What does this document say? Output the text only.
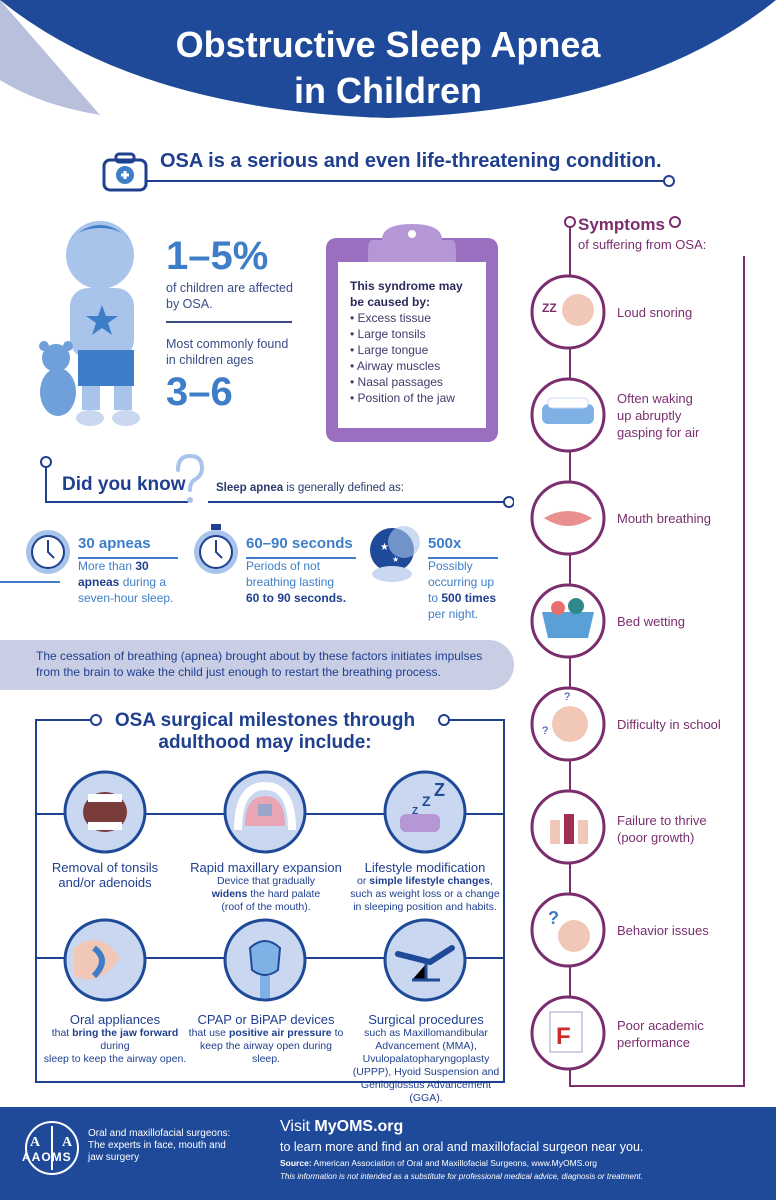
Obstructive Sleep Apnea
in Children
OSA is a serious and even life-threatening condition.
1–5%
of children are affected
by OSA.
Most commonly found
in children ages
3–6
This syndrome may
be caused by:
• Excess tissue
• Large tonsils
• Large tongue
• Airway muscles
• Nasal passages
• Position of the jaw
Did you know	Sleep apnea is generally defined as:
★
★
30 apneas
More than 30
apneas during a
seven-hour sleep.
60–90 seconds
Periods of not
breathing lasting
60 to 90 seconds.
500x
Possibly
occurring up
to 500 times
per night.
The cessation of breathing (apnea) brought about by these factors initiates impulses from the brain to wake the child just enough to restart the breathing process.
OSA surgical milestones through
adulthood may include:
Z
Z
Z
Removal of tonsils
and/or adenoids
Rapid maxillary expansion
Device that gradually
widens the hard palate
(roof of the mouth).
Lifestyle modification
or simple lifestyle changes,
such as weight loss or a change
in sleeping position and habits.
Oral appliances
that bring the jaw forward during
sleep to keep the airway open.
CPAP or BiPAP devices
that use positive air pressure to
keep the airway open during sleep.
Surgical procedures
such as Maxillomandibular
Advancement (MMA),
Uvulopalatopharyngoplasty
(UPPP), Hyoid Suspension and
Genioglossus Advancement (GGA).
Symptoms
of suffering from OSA:
ZZ
?
?
?
F
Loud snoring
Often waking
up abruptly
gasping for air
Mouth breathing
Bed wetting
Difficulty in school
Failure to thrive
(poor growth)
Behavior issues
Poor academic
performance
A A
AAOMS
Oral and maxillofacial surgeons:
The experts in face, mouth and
jaw surgery
Visit MyOMS.org
to learn more and find an oral and maxillofacial surgeon near you.
Source: American Association of Oral and Maxillofacial Surgeons, www.MyOMS.org
This information is not intended as a substitute for professional medical advice, diagnosis or treatment.
